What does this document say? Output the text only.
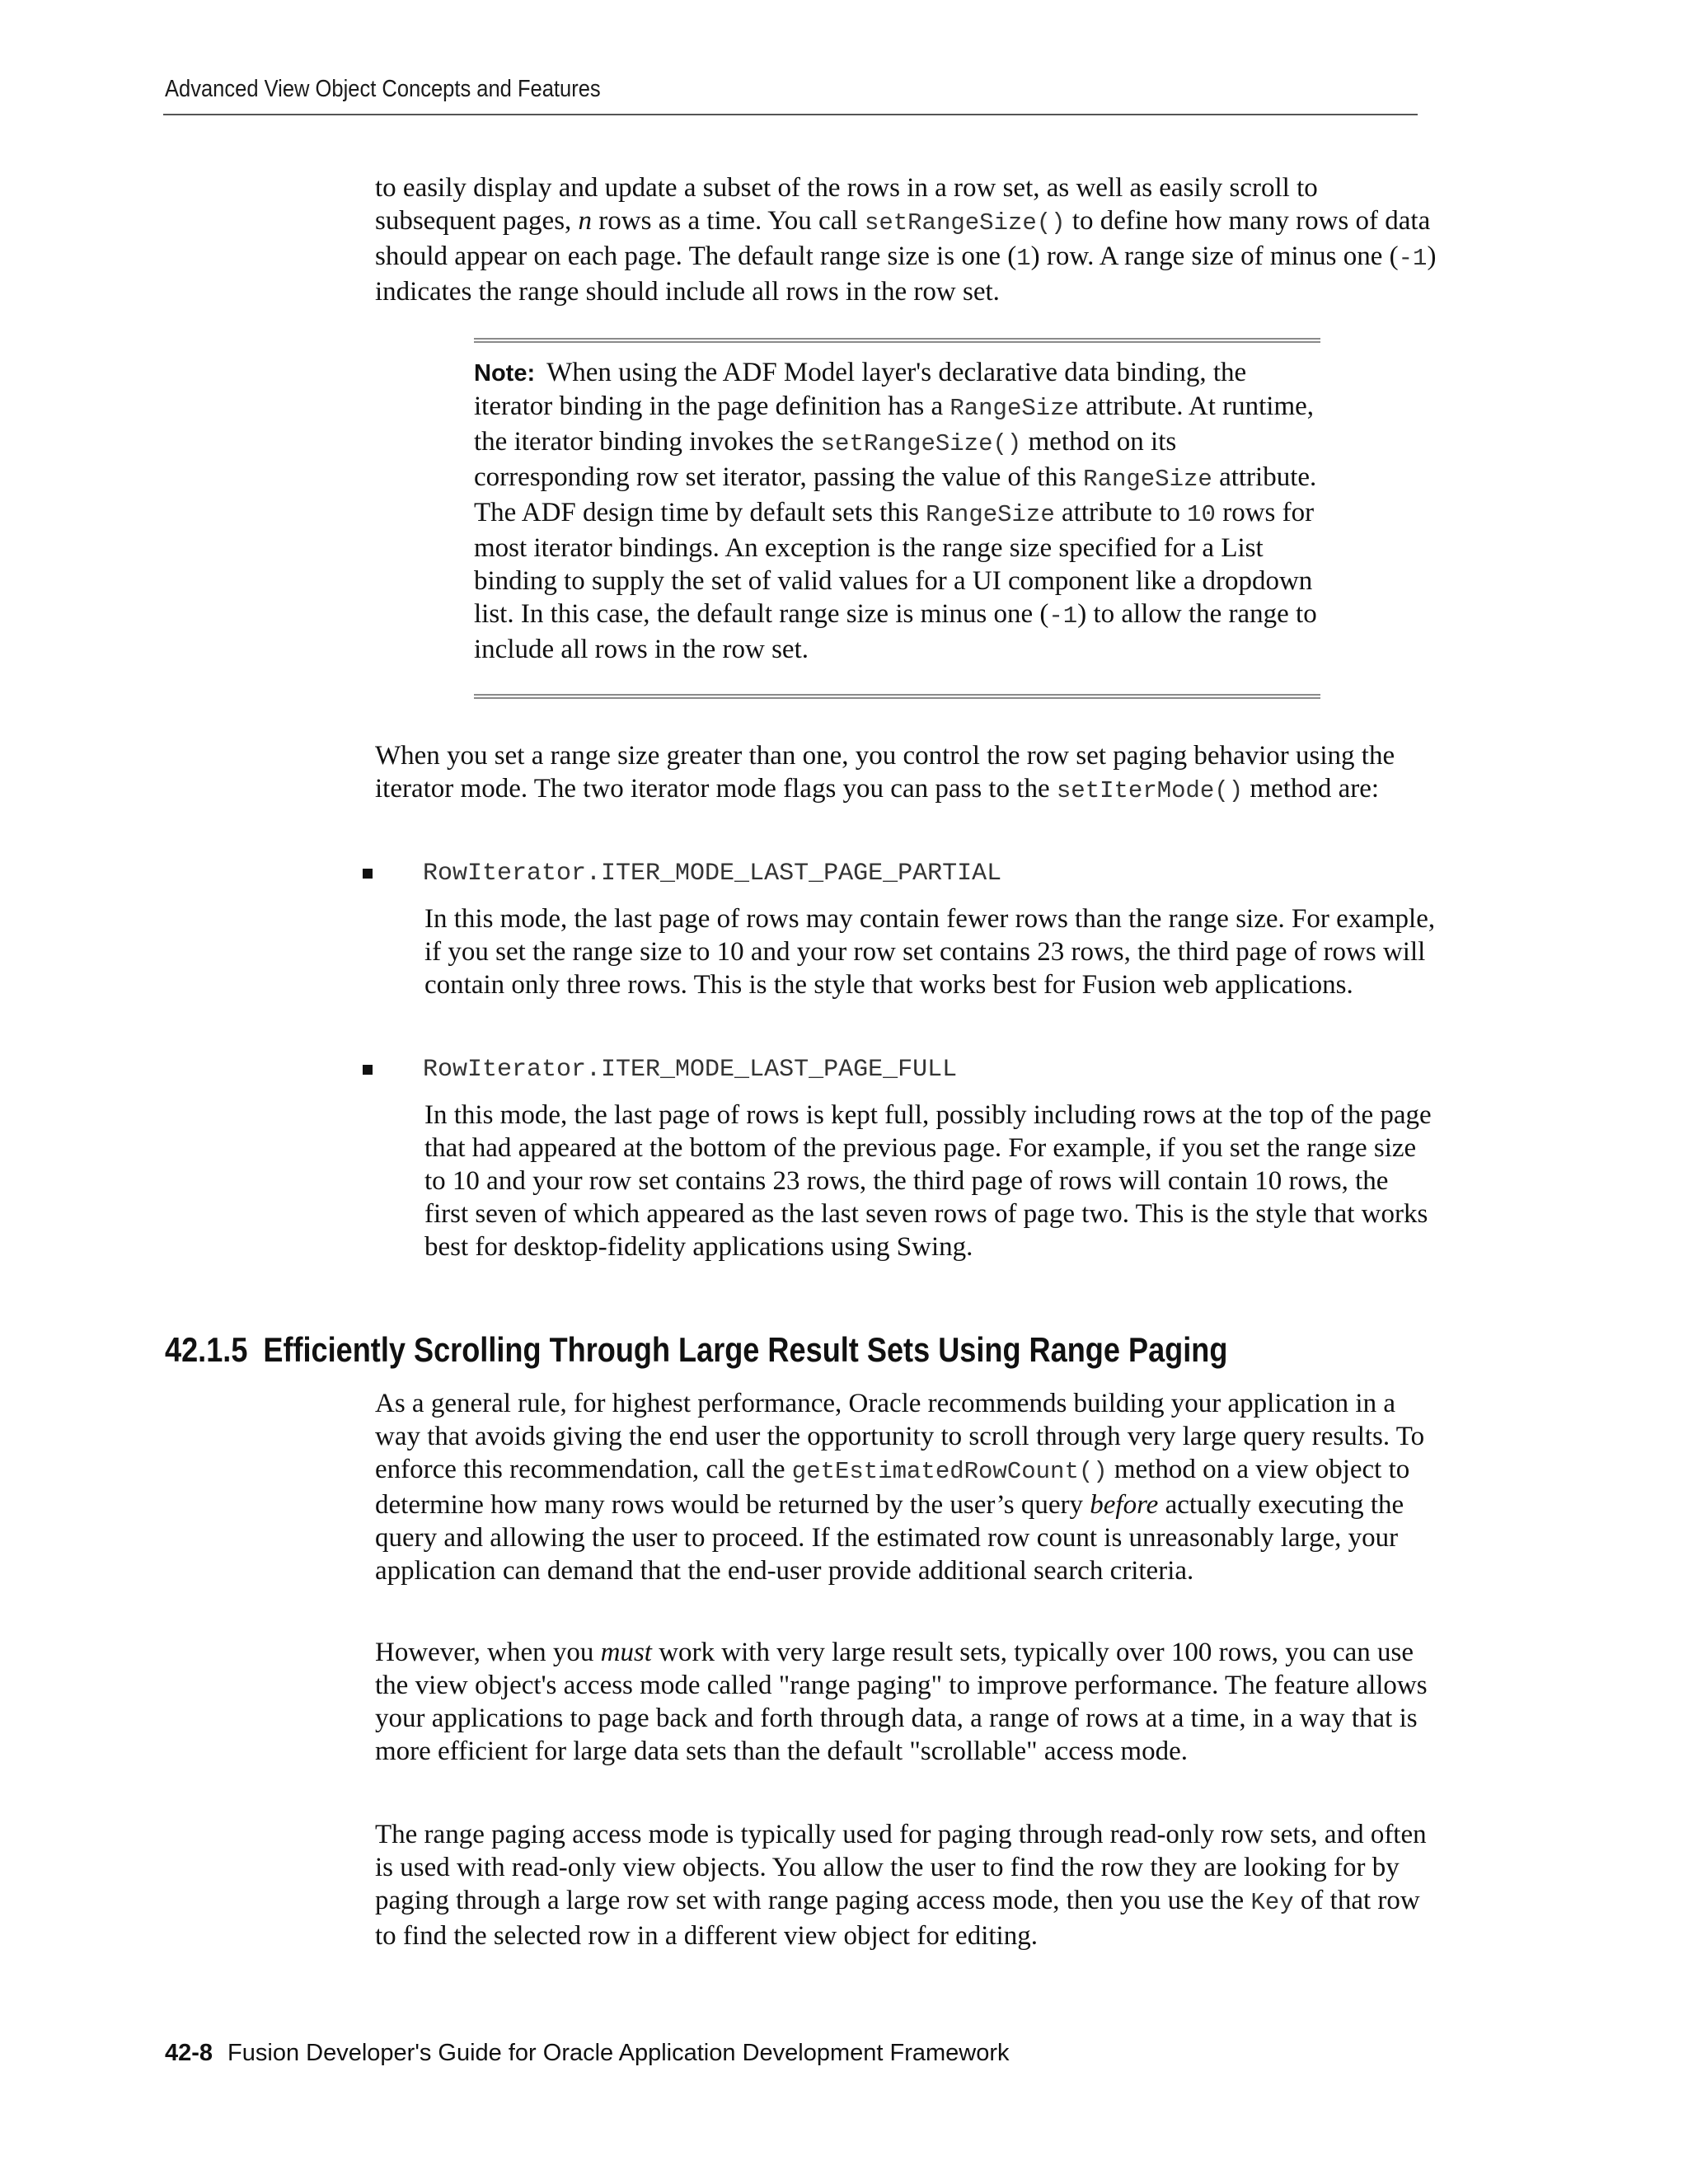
Advanced View Object Concepts and Features

to easily display and update a subset of the rows in a row set, as well as easily scroll to subsequent pages, n rows as a time. You call setRangeSize() to define how many rows of data should appear on each page. The default range size is one (1) row. A range size of minus one (-1) indicates the range should include all rows in the row set.

Note: When using the ADF Model layer's declarative data binding, the iterator binding in the page definition has a RangeSize attribute. At runtime, the iterator binding invokes the setRangeSize() method on its corresponding row set iterator, passing the value of this RangeSize attribute. The ADF design time by default sets this RangeSize attribute to 10 rows for most iterator bindings. An exception is the range size specified for a List binding to supply the set of valid values for a UI component like a dropdown list. In this case, the default range size is minus one (-1) to allow the range to include all rows in the row set.

When you set a range size greater than one, you control the row set paging behavior using the iterator mode. The two iterator mode flags you can pass to the setIterMode() method are:

RowIterator.ITER_MODE_LAST_PAGE_PARTIAL

In this mode, the last page of rows may contain fewer rows than the range size. For example, if you set the range size to 10 and your row set contains 23 rows, the third page of rows will contain only three rows. This is the style that works best for Fusion web applications.

RowIterator.ITER_MODE_LAST_PAGE_FULL

In this mode, the last page of rows is kept full, possibly including rows at the top of the page that had appeared at the bottom of the previous page. For example, if you set the range size to 10 and your row set contains 23 rows, the third page of rows will contain 10 rows, the first seven of which appeared as the last seven rows of page two. This is the style that works best for desktop-fidelity applications using Swing.

42.1.5 Efficiently Scrolling Through Large Result Sets Using Range Paging

As a general rule, for highest performance, Oracle recommends building your application in a way that avoids giving the end user the opportunity to scroll through very large query results. To enforce this recommendation, call the getEstimatedRowCount() method on a view object to determine how many rows would be returned by the user’s query before actually executing the query and allowing the user to proceed. If the estimated row count is unreasonably large, your application can demand that the end-user provide additional search criteria.

However, when you must work with very large result sets, typically over 100 rows, you can use the view object's access mode called "range paging" to improve performance. The feature allows your applications to page back and forth through data, a range of rows at a time, in a way that is more efficient for large data sets than the default "scrollable" access mode.

The range paging access mode is typically used for paging through read-only row sets, and often is used with read-only view objects. You allow the user to find the row they are looking for by paging through a large row set with range paging access mode, then you use the Key of that row to find the selected row in a different view object for editing.

42-8 Fusion Developer's Guide for Oracle Application Development Framework
